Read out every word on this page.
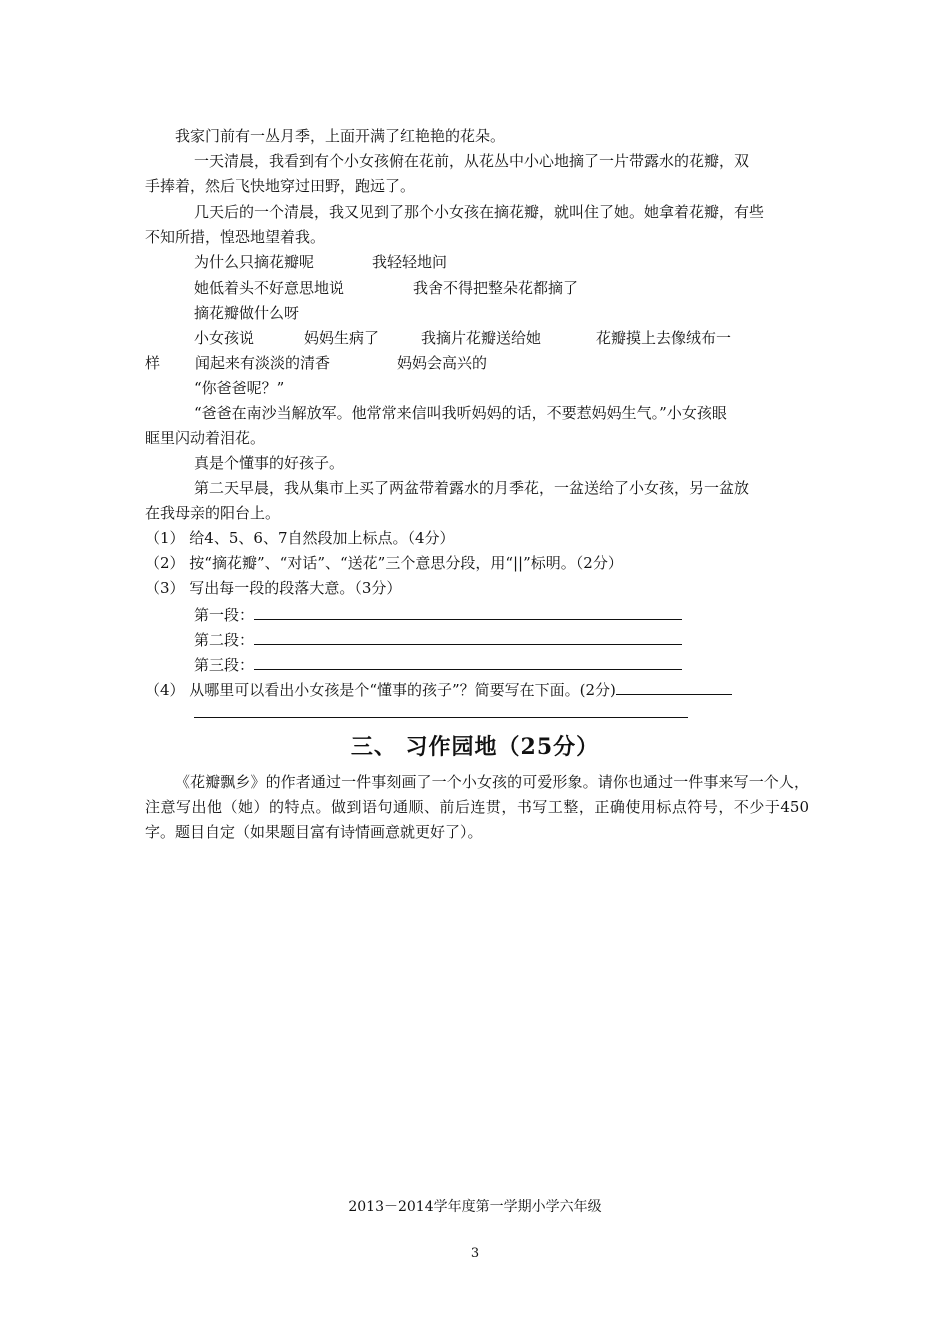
我家门前有一丛月季，上面开满了红艳艳的花朵。
一天清晨，我看到有个小女孩俯在花前，从花丛中小心地摘了一片带露水的花瓣，双
手捧着，然后飞快地穿过田野，跑远了。
几天后的一个清晨，我又见到了那个小女孩在摘花瓣，就叫住了她。她拿着花瓣，有些
不知所措，惶恐地望着我。
为什么只摘花瓣呢	我轻轻地问
她低着头不好意思地说	我舍不得把整朵花都摘了
摘花瓣做什么呀
小女孩说	妈妈生病了	我摘片花瓣送给她	花瓣摸上去像绒布一
样 闻起来有淡淡的清香	妈妈会高兴的
“你爸爸呢？”
“爸爸在南沙当解放军。他常常来信叫我听妈妈的话，不要惹妈妈生气。”小女孩眼
眶里闪动着泪花。
真是个懂事的好孩子。
第二天早晨，我从集市上买了两盆带着露水的月季花，一盆送给了小女孩，另一盆放
在我母亲的阳台上。
（1） 给4、5、6、7自然段加上标点。（4分）
（2） 按“摘花瓣”、“对话”、“送花”三个意思分段，用“||”标明。（2分）
（3） 写出每一段的段落大意。（3分）
第一段：
第二段：
第三段：
（4） 从哪里可以看出小女孩是个“懂事的孩子”？简要写在下面。(2分)
三、 习作园地（25分）
《花瓣飘乡》的作者通过一件事刻画了一个小女孩的可爱形象。请你也通过一件事来写一个人，注意写出他（她）的特点。做到语句通顺、前后连贯，书写工整，正确使用标点符号，不少于450字。题目自定（如果题目富有诗情画意就更好了）。
2013－2014学年度第一学期小学六年级
3
